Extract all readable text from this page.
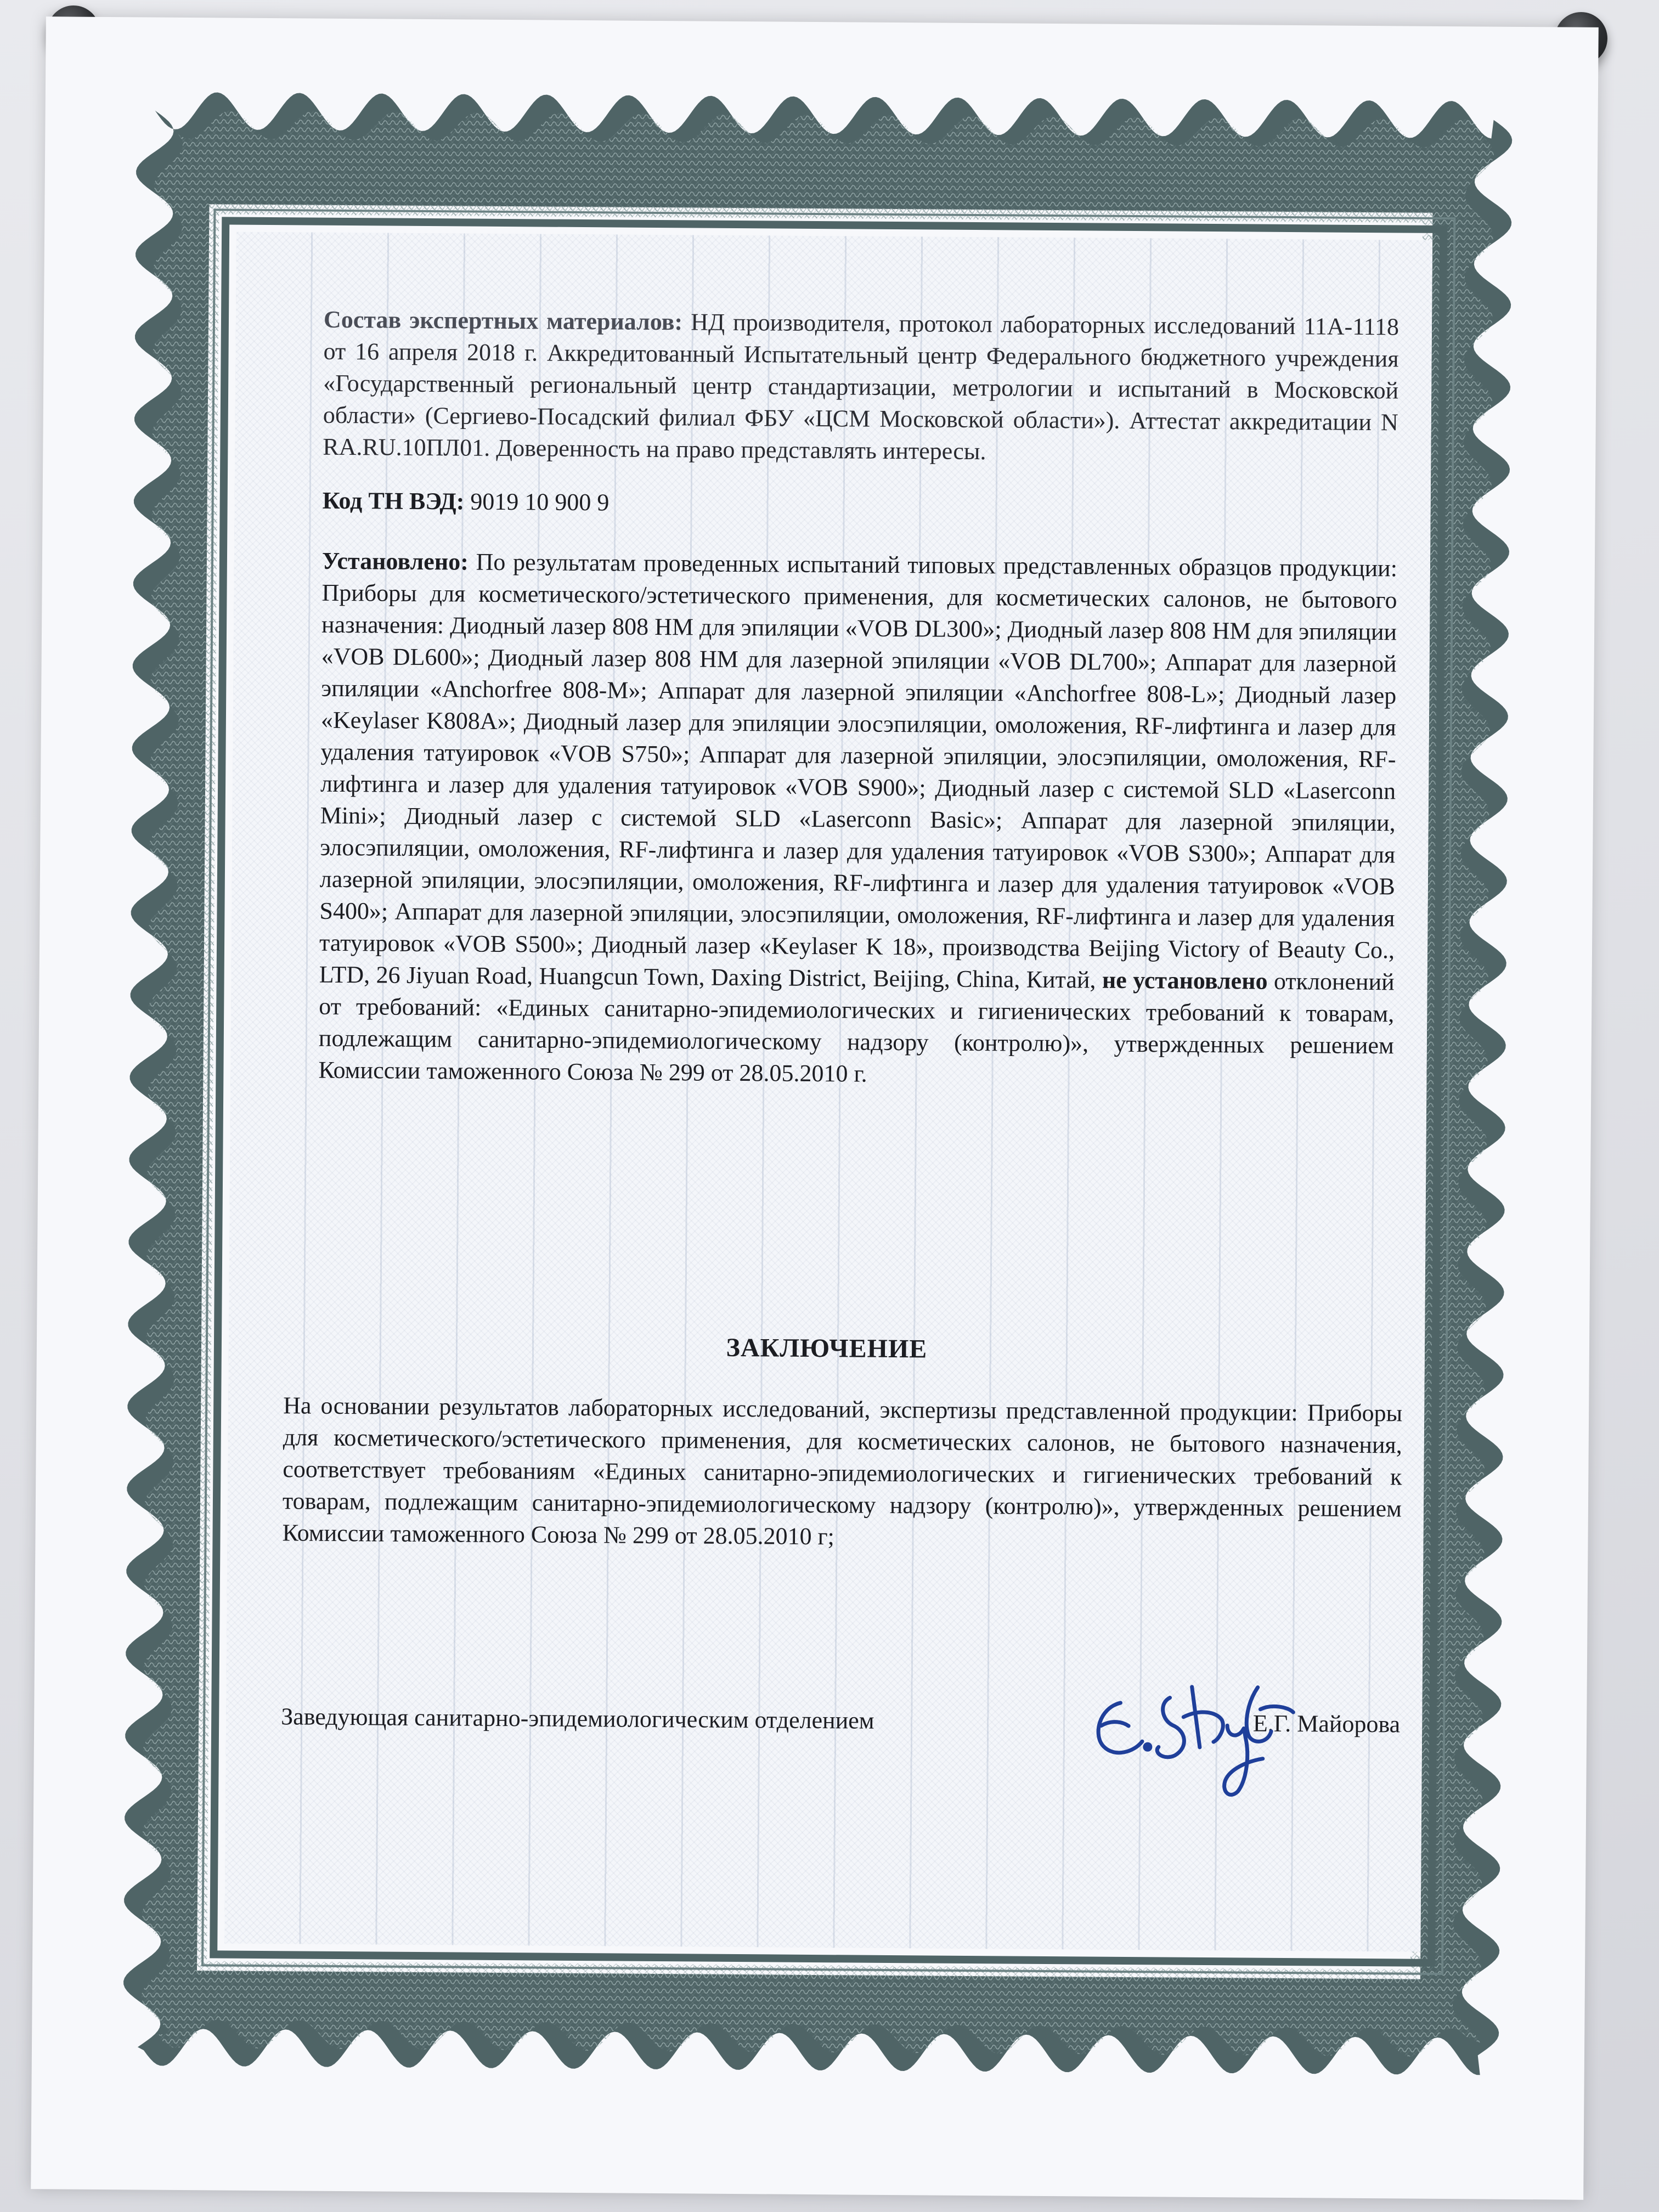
Состав экспертных материалов: НД производителя, протокол лабораторных исследований 11А-1118 от 16 апреля 2018 г. Аккредитованный Испытательный центр Федерального бюджетного учреждения «Государственный региональный центр стандартизации, метрологии и испытаний в Московской области» (Сергиево-Посадский филиал ФБУ «ЦСМ Московской области»). Аттестат аккредитации N RA.RU.10ПЛ01. Доверенность на право представлять интересы.
Код ТН ВЭД: 9019 10 900 9
Установлено: По результатам проведенных испытаний типовых представленных образцов продукции: Приборы для косметического/эстетического применения, для косметических салонов, не бытового назначения: Диодный лазер 808 НМ для эпиляции «VOB DL300»; Диодный лазер 808 НМ для эпиляции «VOB DL600»; Диодный лазер 808 НМ для лазерной эпиляции «VOB DL700»; Аппарат для лазерной эпиляции «Anchorfree 808-M»; Аппарат для лазерной эпиляции «Anchorfree 808-L»; Диодный лазер «Keylaser K808A»; Диодный лазер для эпиляции элосэпиляции, омоложения, RF-лифтинга и лазер для удаления татуировок «VOB S750»; Аппарат для лазерной эпиляции, элосэпиляции, омоложения, RF-лифтинга и лазер для удаления татуировок «VOB S900»; Диодный лазер с системой SLD «Laserconn Mini»; Диодный лазер с системой SLD «Laserconn Basic»; Аппарат для лазерной эпиляции, элосэпиляции, омоложения, RF-лифтинга и лазер для удаления татуировок «VOB S300»; Аппарат для лазерной эпиляции, элосэпиляции, омоложения, RF-лифтинга и лазер для удаления татуировок «VOB S400»; Аппарат для лазерной эпиляции, элосэпиляции, омоложения, RF-лифтинга и лазер для удаления татуировок «VOB S500»; Диодный лазер «Keylaser K 18», производства Beijing Victory of Beauty Co., LTD, 26 Jiyuan Road, Huangcun Town, Daxing District, Beijing, China, Китай, не установлено отклонений от требований: «Единых санитарно-эпидемиологических и гигиенических требований к товарам, подлежащим санитарно-эпидемиологическому надзору (контролю)», утвержденных решением Комиссии таможенного Союза № 299 от 28.05.2010 г.
ЗАКЛЮЧЕНИЕ
На основании результатов лабораторных исследований, экспертизы представленной продукции: Приборы для косметического/эстетического применения, для косметических салонов, не бытового назначения, соответствует требованиям «Единых санитарно-эпидемиологических и гигиенических требований к товарам, подлежащим санитарно-эпидемиологическому надзору (контролю)», утвержденных решением Комиссии таможенного Союза № 299 от 28.05.2010 г;
Заведующая санитарно-эпидемиологическим отделением	Е.Г. Майорова
